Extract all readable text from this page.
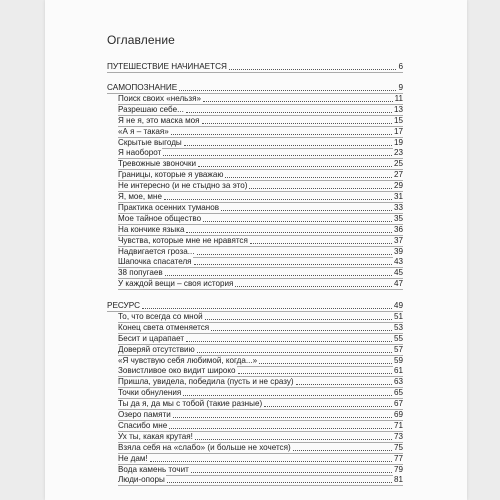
Оглавление
ПУТЕШЕСТВИЕ НАЧИНАЕТСЯ	6
САМОПОЗНАНИЕ	9
Поиск своих «нельзя»	11
Разрешаю себе...	13
Я не я, это маска моя	15
«А я – такая»	17
Скрытые выгоды	19
Я наоборот	23
Тревожные звоночки	25
Границы, которые я уважаю	27
Не интересно (и не стыдно за это)	29
Я, мое, мне	31
Практика осенних туманов	33
Мое тайное общество	35
На кончике языка	36
Чувства, которые мне не нравятся	37
Надвигается гроза...	39
Шапочка спасателя	43
38 попугаев	45
У каждой вещи – своя история	47
РЕСУРС	49
То, что всегда со мной	51
Конец света отменяется	53
Бесит и царапает	55
Доверяй отсутствию	57
«Я чувствую себя любимой, когда...»	59
Зовистливое око видит широко	61
Пришла, увидела, победила (пусть и не сразу)	63
Точки обнуления	65
Ты да я, да мы с тобой (такие разные)	67
Озеро памяти	69
Спасибо мне	71
Ух ты, какая крутая!	73
Взяла себя на «слабо» (и больше не хочется)	75
Не дам!	77
Вода камень точит	79
Люди-опоры	81
